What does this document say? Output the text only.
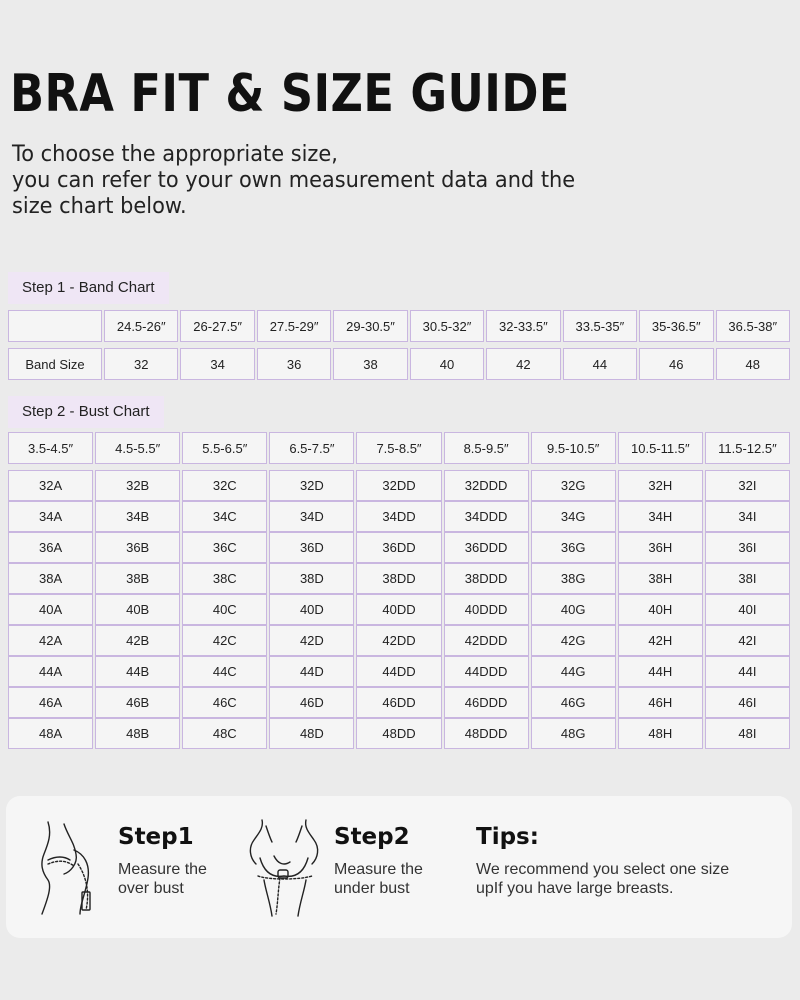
BRA FIT & SIZE GUIDE
To choose the appropriate size,
you can refer to your own measurement data and the
size chart below.
Step 1 - Band Chart
	24.5-26″	26-27.5″	27.5-29″	29-30.5″	30.5-32″	32-33.5″	33.5-35″	35-36.5″	36.5-38″
Band Size	32	34	36	38	40	42	44	46	48
Step 2 - Bust Chart
3.5-4.5″	4.5-5.5″	5.5-6.5″	6.5-7.5″	7.5-8.5″	8.5-9.5″	9.5-10.5″	10.5-11.5″	11.5-12.5″
32A	32B	32C	32D	32DD	32DDD	32G	32H	32I
34A	34B	34C	34D	34DD	34DDD	34G	34H	34I
36A	36B	36C	36D	36DD	36DDD	36G	36H	36I
38A	38B	38C	38D	38DD	38DDD	38G	38H	38I
40A	40B	40C	40D	40DD	40DDD	40G	40H	40I
42A	42B	42C	42D	42DD	42DDD	42G	42H	42I
44A	44B	44C	44D	44DD	44DDD	44G	44H	44I
46A	46B	46C	46D	46DD	46DDD	46G	46H	46I
48A	48B	48C	48D	48DD	48DDD	48G	48H	48I
Step1
Measure the
over bust
Step2
Measure the
under bust
Tips:
We recommend you select one size
upIf you have large breasts.
